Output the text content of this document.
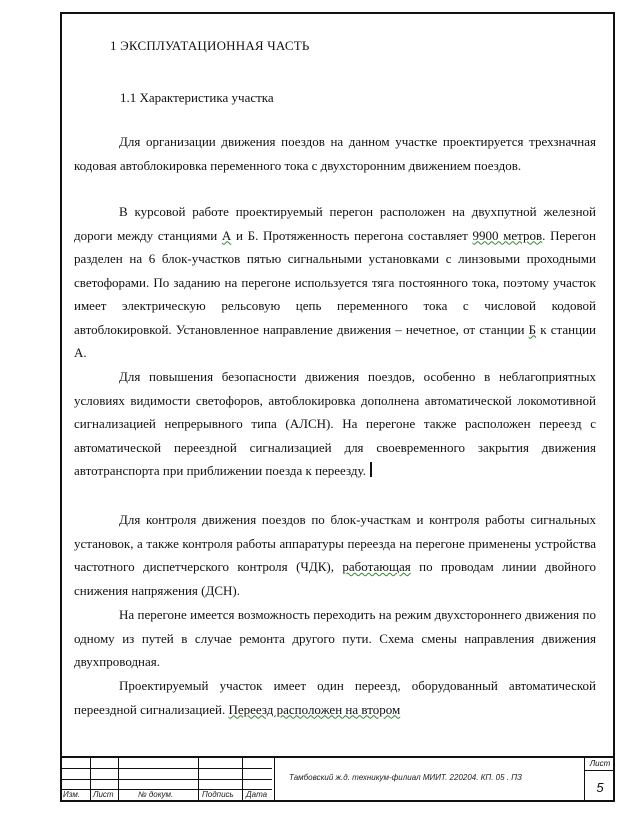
1 ЭКСПЛУАТАЦИОННАЯ ЧАСТЬ
1.1 Характеристика участка
Для организации движения поездов на данном участке проектируется трехзначная кодовая автоблокировка переменного тока с двухсторонним движением поездов.
В курсовой работе проектируемый перегон расположен на двухпутной железной дороги между станциями А и Б. Протяженность перегона составляет 9900 метров. Перегон разделен на 6 блок-участков пятью сигнальными установками с линзовыми проходными светофорами. По заданию на перегоне используется тяга постоянного тока, поэтому участок имеет электрическую рельсовую цепь переменного тока с числовой кодовой автоблокировкой. Установленное направление движения – нечетное, от станции Б к станции А.
Для повышения безопасности движения поездов, особенно в неблагоприятных условиях видимости светофоров, автоблокировка дополнена автоматической локомотивной сигнализацией непрерывного типа (АЛСН). На перегоне также расположен переезд с автоматической переездной сигнализацией для своевременного закрытия движения автотранспорта при приближении поезда к переезду.
Для контроля движения поездов по блок-участкам и контроля работы сигнальных установок, а также контроля работы аппаратуры переезда на перегоне применены устройства частотного диспетчерского контроля (ЧДК), работающая по проводам линии двойного снижения напряжения (ДСН).
На перегоне имеется возможность переходить на режим двухстороннего движения по одному из путей в случае ремонта другого пути. Схема смены направления движения двухпроводная.
Проектируемый участок имеет один переезд, оборудованный автоматической переездной сигнализацией. Переезд расположен на втором
Изм. Лист	№ докум.	Подпись Дата
Тамбовский ж.д. техникум-филиал МИИТ. 220204. КП. 05 . ПЗ
Лист
5
